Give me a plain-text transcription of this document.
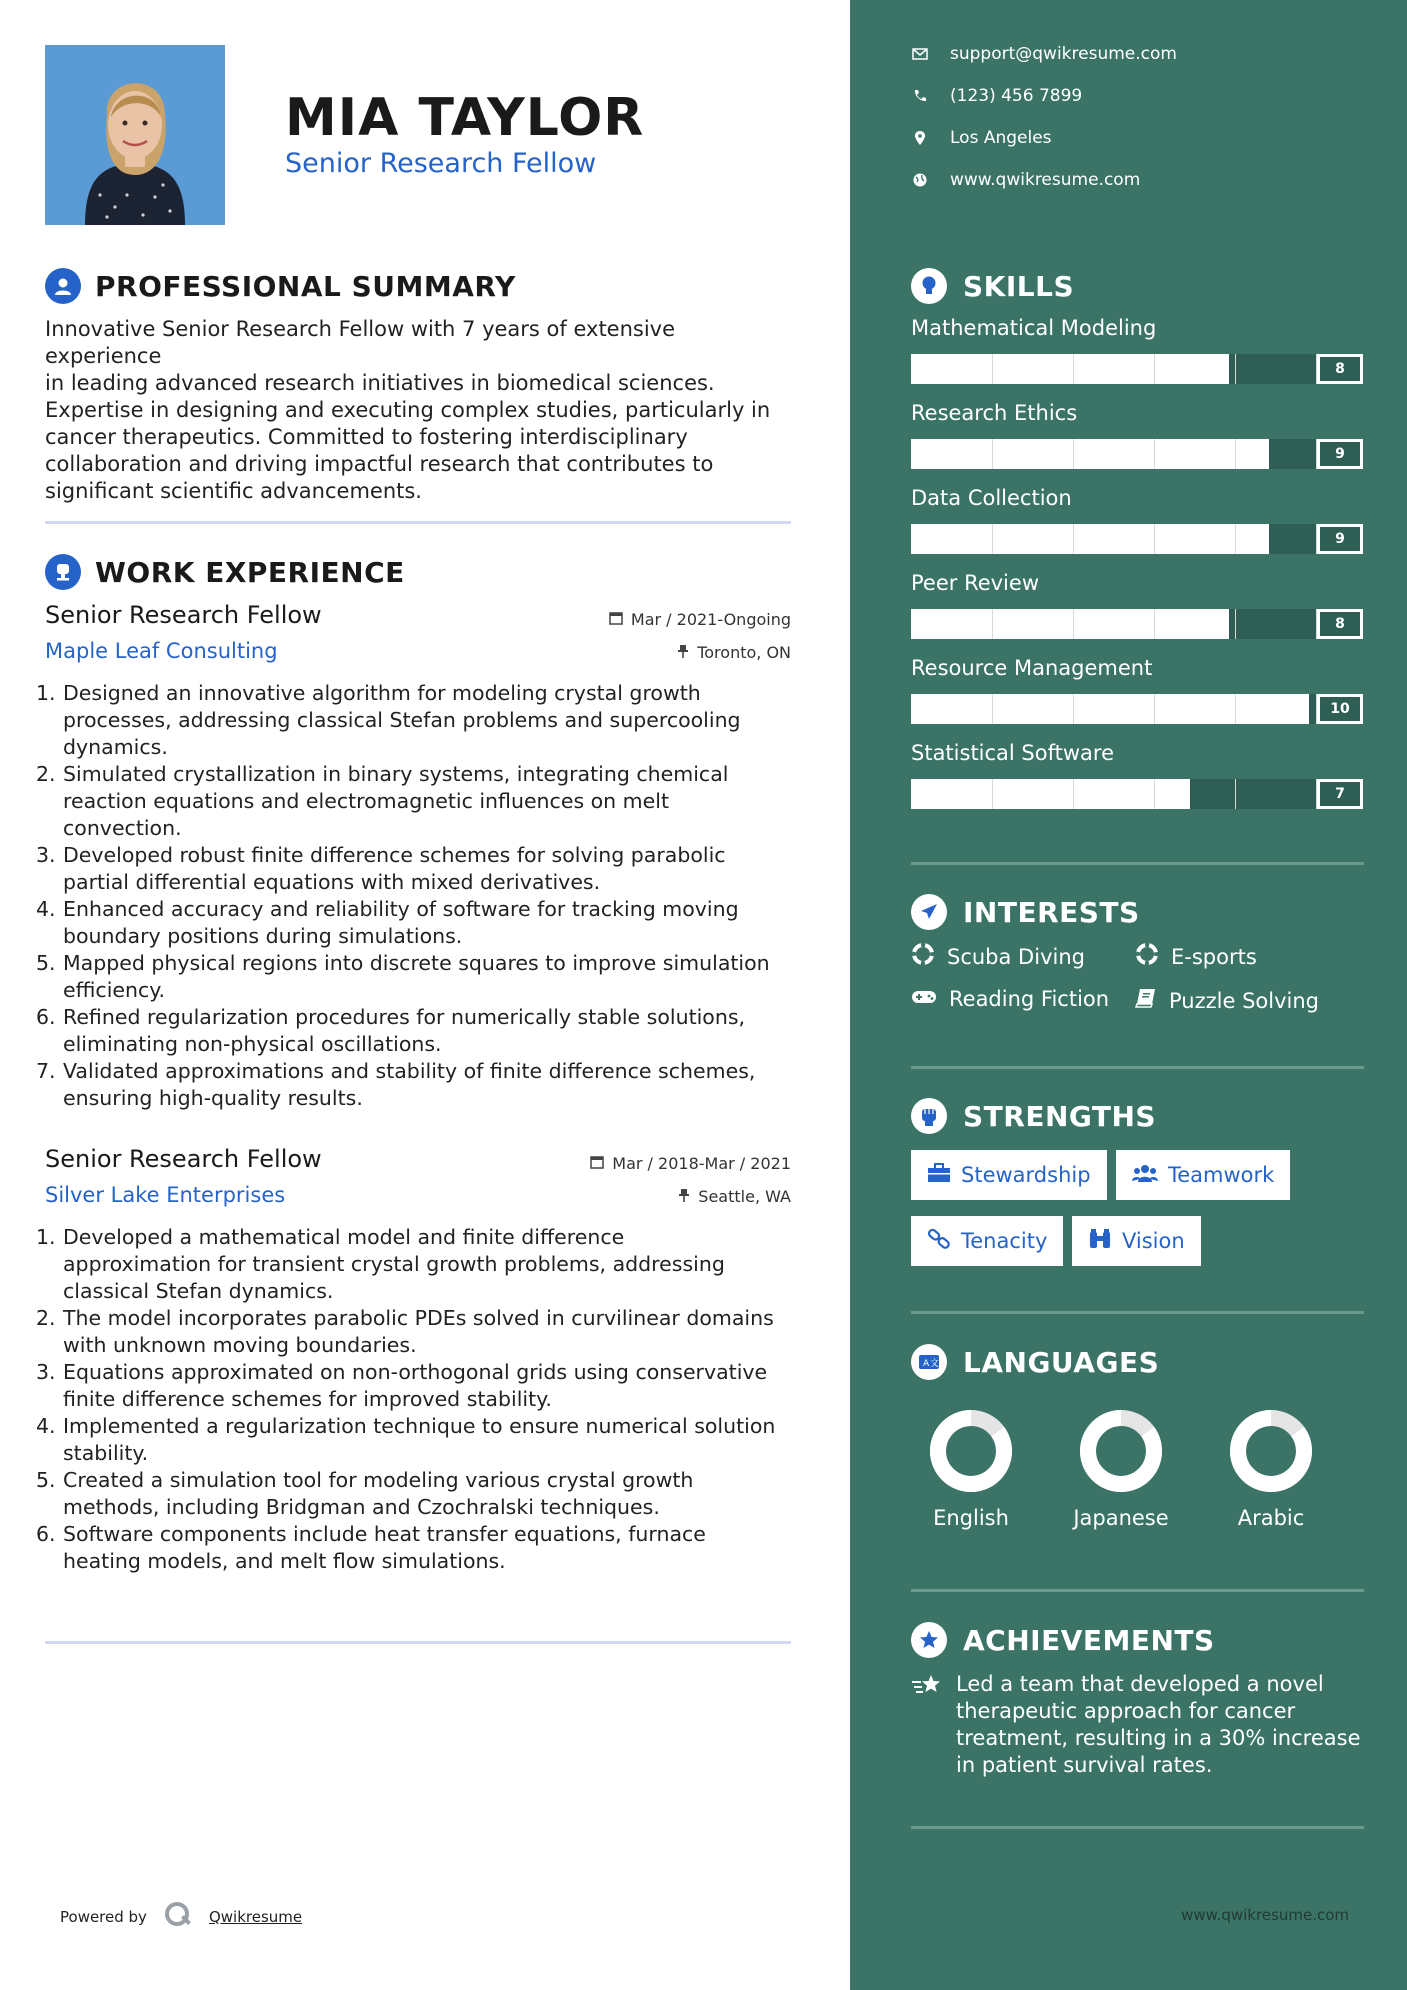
MIA TAYLOR
Senior Research Fellow
PROFESSIONAL SUMMARY
Innovative Senior Research Fellow with 7 years of extensive experience
in leading advanced research initiatives in biomedical sciences.
Expertise in designing and executing complex studies, particularly in
cancer therapeutics. Committed to fostering interdisciplinary
collaboration and driving impactful research that contributes to
significant scientific advancements.
WORK EXPERIENCE
Senior Research Fellow
Maple Leaf Consulting
Mar / 2021-Ongoing
Toronto, ON
1. Designed an innovative algorithm for modeling crystal growth
processes, addressing classical Stefan problems and supercooling
dynamics.
2. Simulated crystallization in binary systems, integrating chemical
reaction equations and electromagnetic influences on melt
convection.
3. Developed robust finite difference schemes for solving parabolic
partial differential equations with mixed derivatives.
4. Enhanced accuracy and reliability of software for tracking moving
boundary positions during simulations.
5. Mapped physical regions into discrete squares to improve simulation
efficiency.
6. Refined regularization procedures for numerically stable solutions,
eliminating non-physical oscillations.
7. Validated approximations and stability of finite difference schemes,
ensuring high-quality results.
Senior Research Fellow
Silver Lake Enterprises
Mar / 2018-Mar / 2021
Seattle, WA
1. Developed a mathematical model and finite difference
approximation for transient crystal growth problems, addressing
classical Stefan dynamics.
2. The model incorporates parabolic PDEs solved in curvilinear domains
with unknown moving boundaries.
3. Equations approximated on non-orthogonal grids using conservative
finite difference schemes for improved stability.
4. Implemented a regularization technique to ensure numerical solution
stability.
5. Created a simulation tool for modeling various crystal growth
methods, including Bridgman and Czochralski techniques.
6. Software components include heat transfer equations, furnace
heating models, and melt flow simulations.
Powered by	Qwikresume
support@qwikresume.com
(123) 456 7899
Los Angeles
www.qwikresume.com
SKILLS
Mathematical Modeling
8
Research Ethics
9
Data Collection
9
Peer Review
8
Resource Management
10
Statistical Software
7
INTERESTS
Scuba Diving	E-sports
Reading Fiction	Puzzle Solving
STRENGTHS
Stewardship	Teamwork
Tenacity	Vision
A 文 LANGUAGES
English	Japanese	Arabic
ACHIEVEMENTS
Led a team that developed a novel
therapeutic approach for cancer
treatment, resulting in a 30% increase
in patient survival rates.
www.qwikresume.com
